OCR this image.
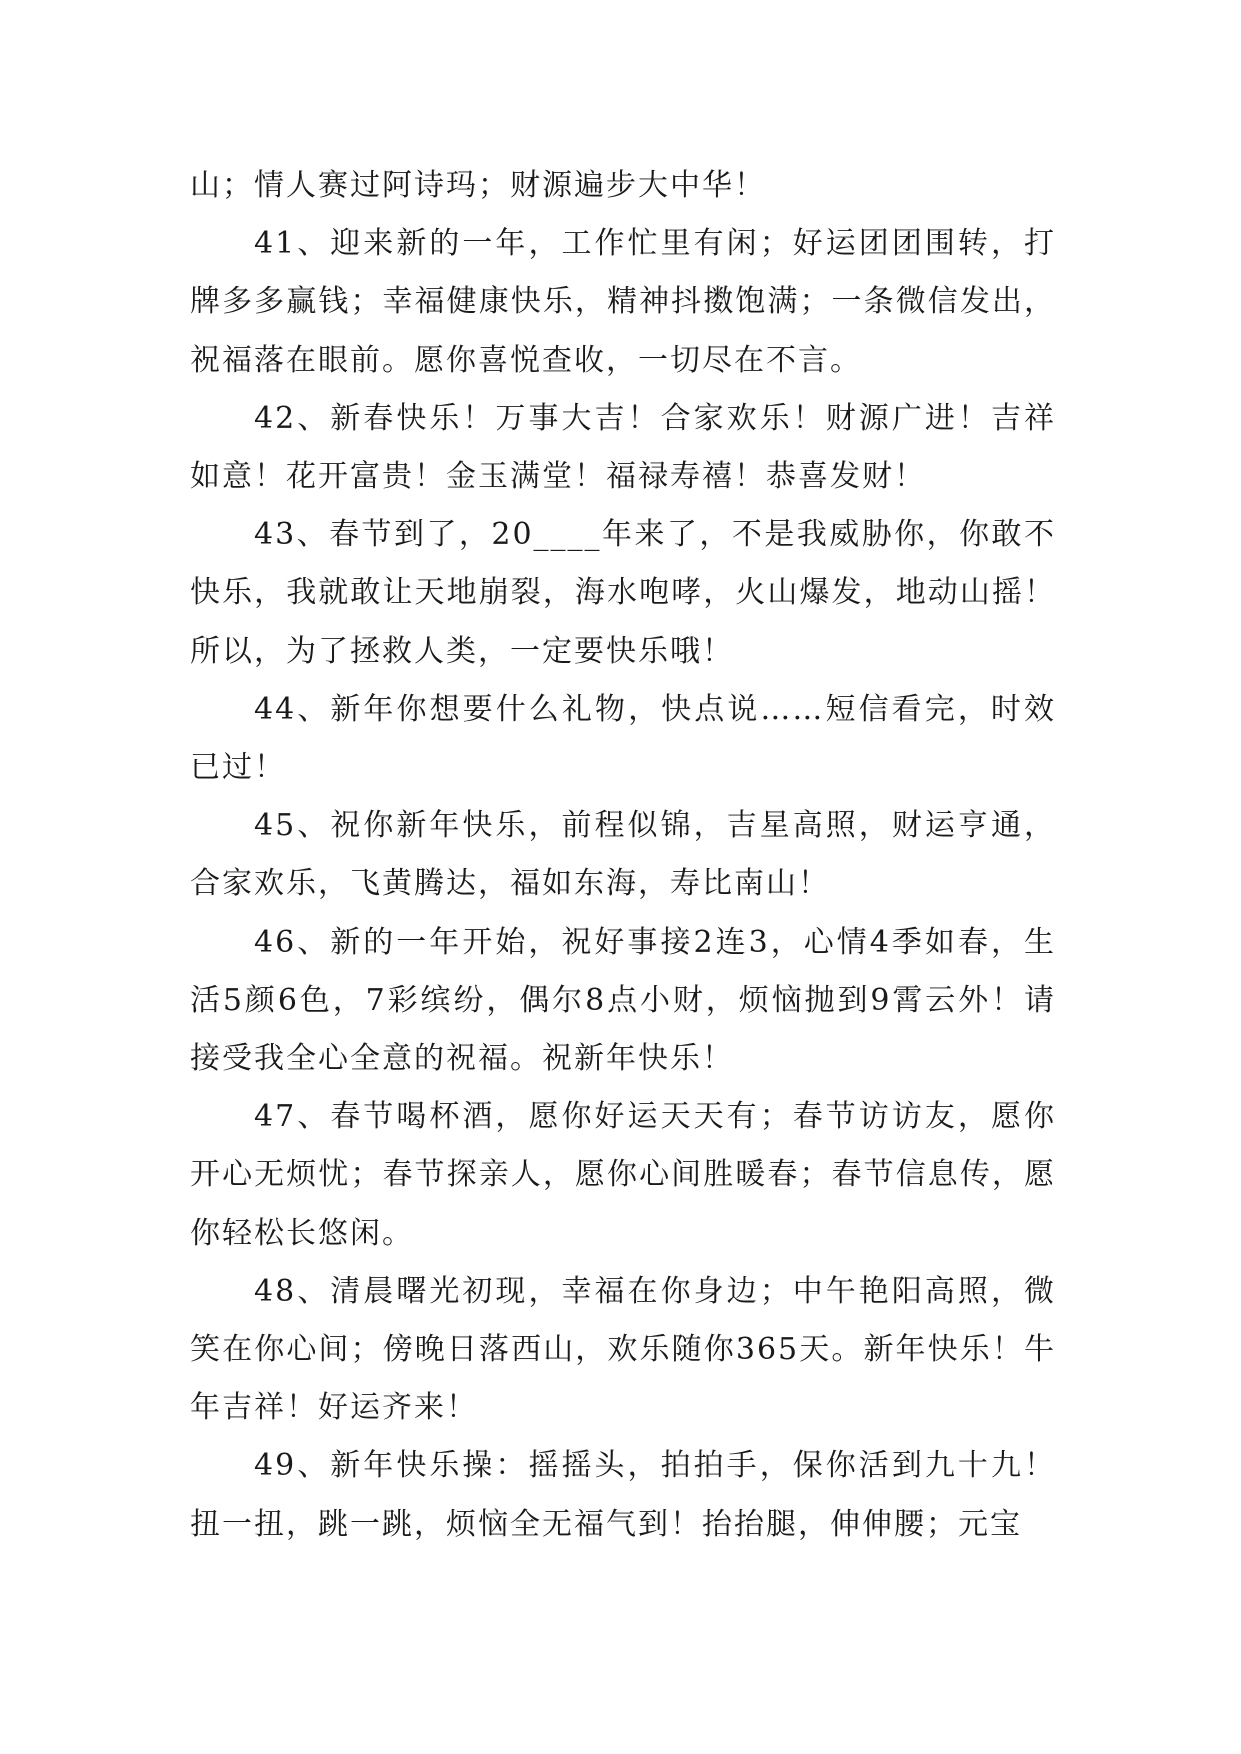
山；情人赛过阿诗玛；财源遍步大中华！

41、迎来新的一年，工作忙里有闲；好运团团围转，打牌多多赢钱；幸福健康快乐，精神抖擞饱满；一条微信发出，祝福落在眼前。愿你喜悦查收，一切尽在不言。

42、新春快乐！万事大吉！合家欢乐！财源广进！吉祥如意！花开富贵！金玉满堂！福禄寿禧！恭喜发财！

43、春节到了，20____年来了，不是我威胁你，你敢不快乐，我就敢让天地崩裂，海水咆哮，火山爆发，地动山摇！所以，为了拯救人类，一定要快乐哦！

44、新年你想要什么礼物，快点说……短信看完，时效已过！

45、祝你新年快乐，前程似锦，吉星高照，财运亨通，合家欢乐，飞黄腾达，福如东海，寿比南山！

46、新的一年开始，祝好事接2连3，心情4季如春，生活5颜6色，7彩缤纷，偶尔8点小财，烦恼抛到9霄云外！请接受我全心全意的祝福。祝新年快乐！

47、春节喝杯酒，愿你好运天天有；春节访访友，愿你开心无烦忧；春节探亲人，愿你心间胜暖春；春节信息传，愿你轻松长悠闲。

48、清晨曙光初现，幸福在你身边；中午艳阳高照，微笑在你心间；傍晚日落西山，欢乐随你365天。新年快乐！牛年吉祥！好运齐来！

49、新年快乐操：摇摇头，拍拍手，保你活到九十九！扭一扭，跳一跳，烦恼全无福气到！抬抬腿，伸伸腰；元宝
